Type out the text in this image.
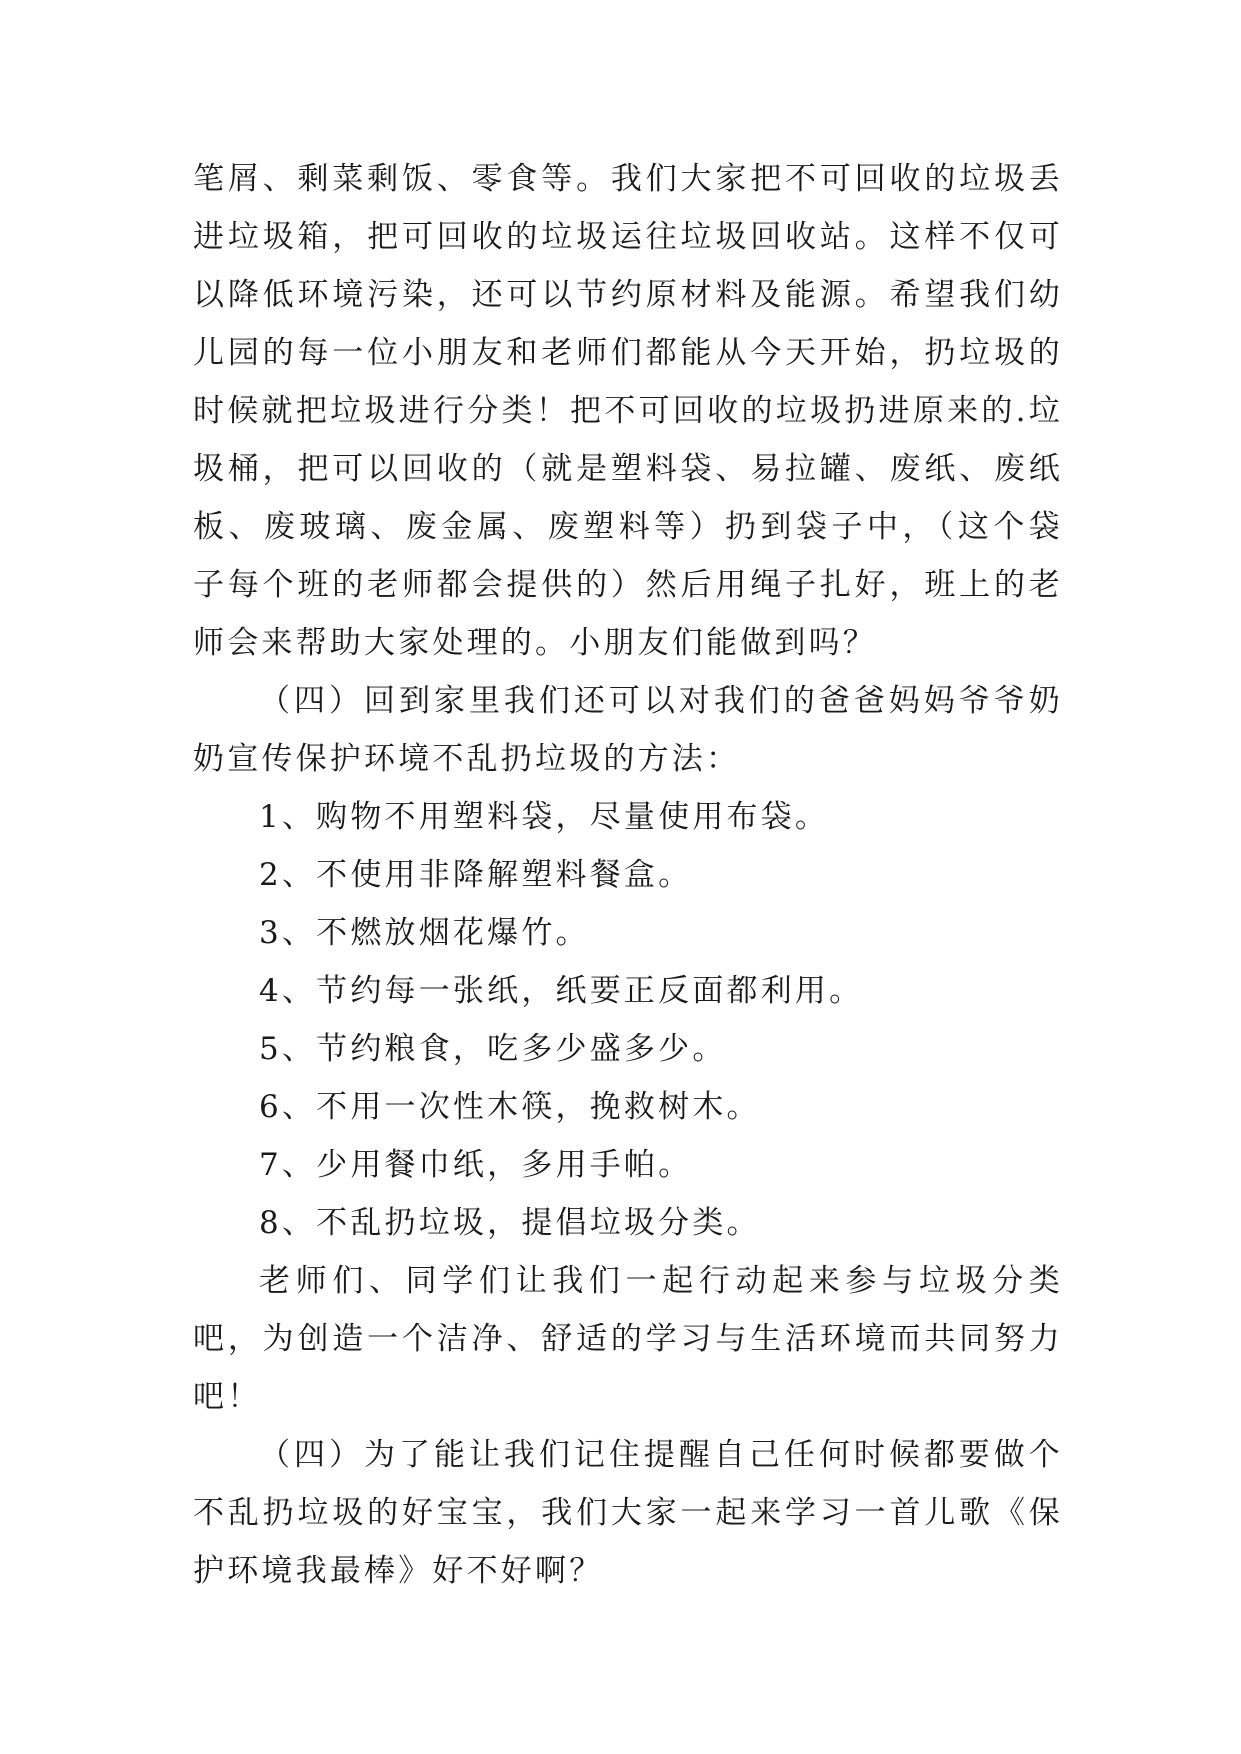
笔屑、剩菜剩饭、零食等。我们大家把不可回收的垃圾丢进垃圾箱，把可回收的垃圾运往垃圾回收站。这样不仅可以降低环境污染，还可以节约原材料及能源。希望我们幼儿园的每一位小朋友和老师们都能从今天开始，扔垃圾的时候就把垃圾进行分类！把不可回收的垃圾扔进原来的.垃圾桶，把可以回收的（就是塑料袋、易拉罐、废纸、废纸板、废玻璃、废金属、废塑料等）扔到袋子中，（这个袋子每个班的老师都会提供的）然后用绳子扎好，班上的老师会来帮助大家处理的。小朋友们能做到吗？

（四）回到家里我们还可以对我们的爸爸妈妈爷爷奶奶宣传保护环境不乱扔垃圾的方法：

1、购物不用塑料袋，尽量使用布袋。

2、不使用非降解塑料餐盒。

3、不燃放烟花爆竹。

4、节约每一张纸，纸要正反面都利用。

5、节约粮食，吃多少盛多少。

6、不用一次性木筷，挽救树木。

7、少用餐巾纸，多用手帕。

8、不乱扔垃圾，提倡垃圾分类。

老师们、同学们让我们一起行动起来参与垃圾分类吧，为创造一个洁净、舒适的学习与生活环境而共同努力吧！

（四）为了能让我们记住提醒自己任何时候都要做个不乱扔垃圾的好宝宝，我们大家一起来学习一首儿歌《保护环境我最棒》好不好啊？
